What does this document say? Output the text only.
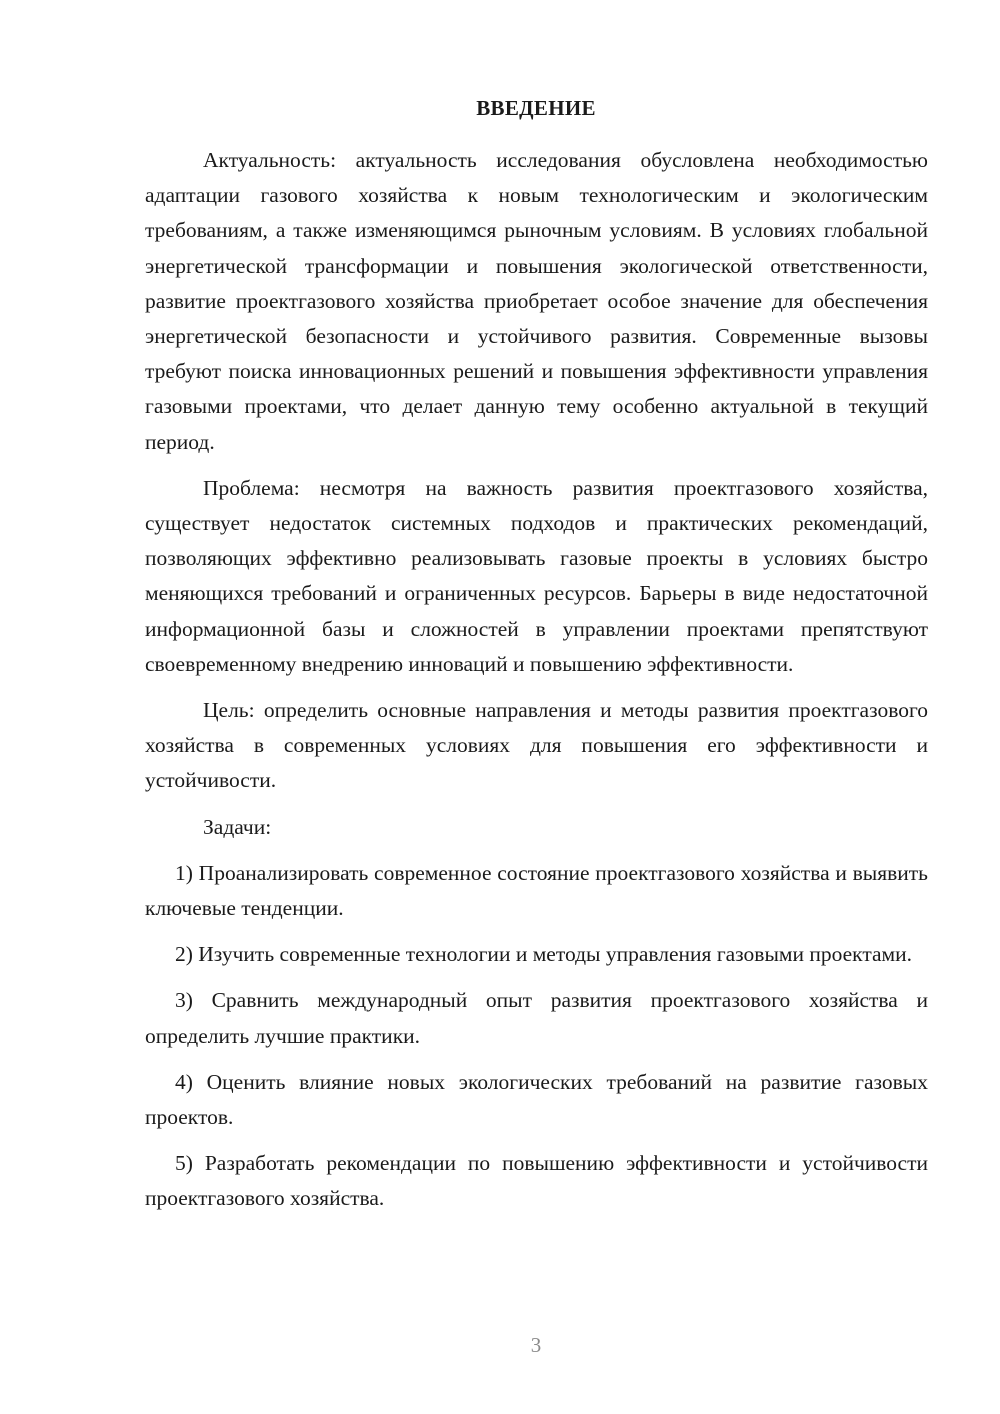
ВВЕДЕНИЕ

Актуальность: актуальность исследования обусловлена необходимостью адаптации газового хозяйства к новым технологическим и экологическим требованиям, а также изменяющимся рыночным условиям. В условиях глобальной энергетической трансформации и повышения экологической ответственности, развитие проектгазового хозяйства приобретает особое значение для обеспечения энергетической безопасности и устойчивого развития. Современные вызовы требуют поиска инновационных решений и повышения эффективности управления газовыми проектами, что делает данную тему особенно актуальной в текущий период.

Проблема: несмотря на важность развития проектгазового хозяйства, существует недостаток системных подходов и практических рекомендаций, позволяющих эффективно реализовывать газовые проекты в условиях быстро меняющихся требований и ограниченных ресурсов. Барьеры в виде недостаточной информационной базы и сложностей в управлении проектами препятствуют своевременному внедрению инноваций и повышению эффективности.

Цель: определить основные направления и методы развития проектгазового хозяйства в современных условиях для повышения его эффективности и устойчивости.

Задачи:

1) Проанализировать современное состояние проектгазового хозяйства и выявить ключевые тенденции.

2) Изучить современные технологии и методы управления газовыми проектами.

3) Сравнить международный опыт развития проектгазового хозяйства и определить лучшие практики.

4) Оценить влияние новых экологических требований на развитие газовых проектов.

5) Разработать рекомендации по повышению эффективности и устойчивости проектгазового хозяйства.

3
